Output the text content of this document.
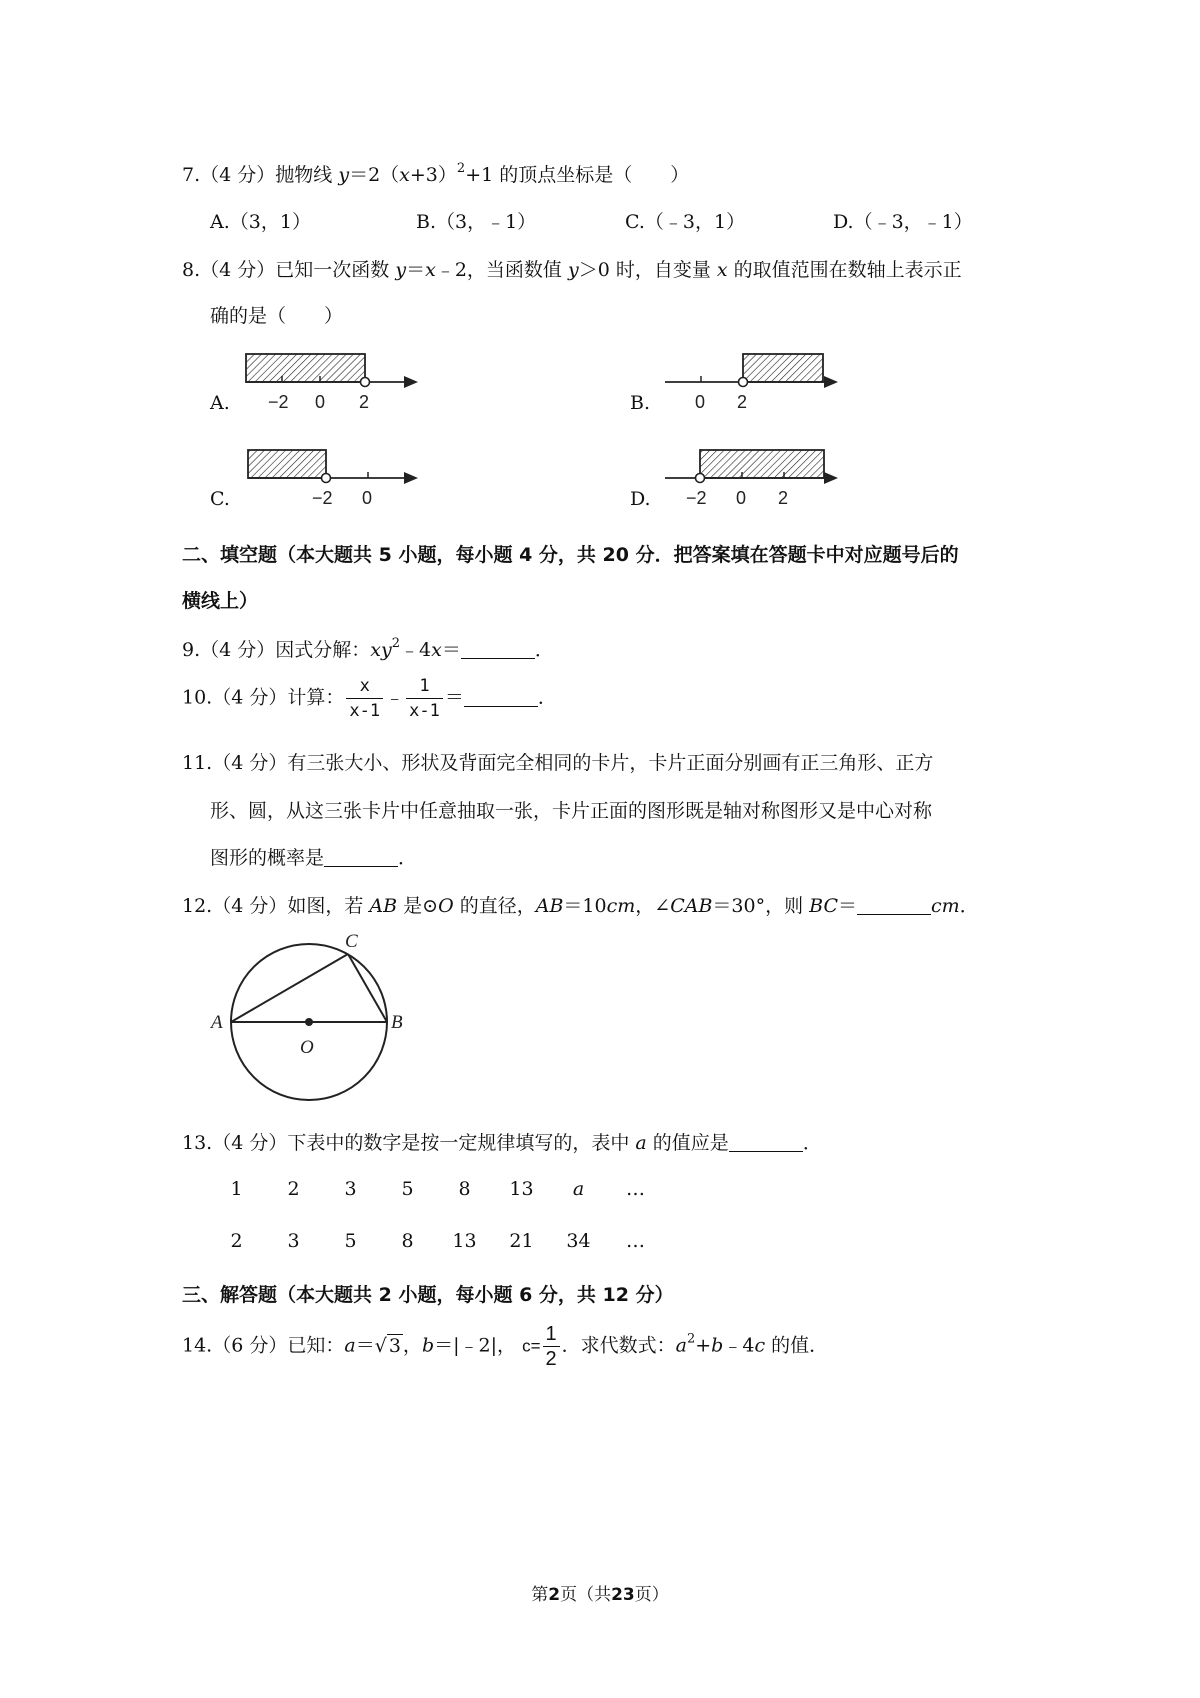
7.（4 分）抛物线 $y=2(x+3)^2+1$ 的顶点坐标是（　　）
A.（3，1）	B.（3，﹣1）	C.（﹣3，1）	D.（﹣3，﹣1）
8.（4 分）已知一次函数 y＝x﹣2，当函数值 y＞0 时，自变量 x 的取值范围在数轴上表示正
确的是（　　）
A.	B.
C.	D.
−2 0 2	0 2
−2 0	−2 0 2
二、填空题（本大题共 5 小题，每小题 4 分，共 20 分．把答案填在答题卡中对应题号后的
横线上）
9.（4 分）因式分解：$xy^2﹣4x=$	．
10.（4 分）计算： $\frac{x}{x-1}$ ﹣ $\frac{1}{x-1}$ ＝	．
11.（4 分）有三张大小、形状及背面完全相同的卡片，卡片正面分别画有正三角形、正方
形、圆，从这三张卡片中任意抽取一张，卡片正面的图形既是轴对称图形又是中心对称
图形的概率是	．
12.（4 分）如图，若 AB 是⊙O 的直径，AB＝10cm，∠CAB＝30°，则 BC＝	cm．
A	B
C
O
13.（4 分）下表中的数字是按一定规律填写的，表中 a 的值应是	．
1	2	3	5	8	13	a	…
2	3	5	8	13	21	34	…
三、解答题（本大题共 2 小题，每小题 6 分，共 12 分）
14.（6 分）已知：a＝√ 3 ，b＝|﹣2|， $c= \frac{1}{2}$ ．求代数式：$a^2+b﹣4c$ 的值．
第2页（共23页）
